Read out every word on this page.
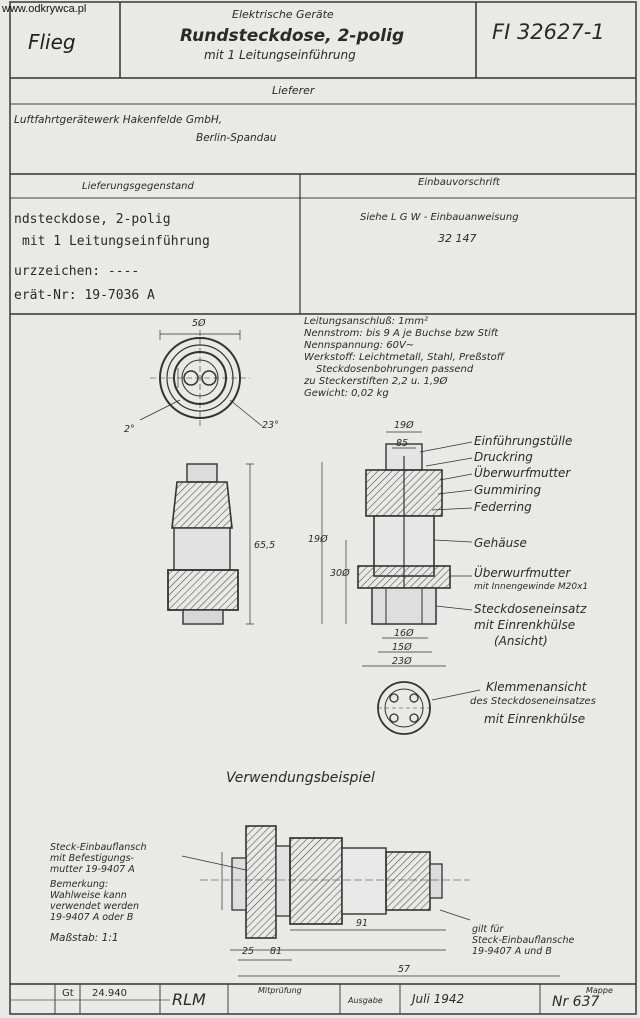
www.odkrywca.pl
Flieg
Elektrische Geräte
Rundsteckdose, 2-polig
mit 1 Leitungseinführung
FI 32627-1
Lieferer
Luftfahrtgerätewerk Hakenfelde GmbH,
Berlin-Spandau
Lieferungsgegenstand	Einbauvorschrift
ndsteckdose, 2-polig
mit 1 Leitungseinführung
urzzeichen: ----
erät-Nr: 19-7036 A
Siehe L G W - Einbauanweisung
32 147
Leitungsanschluß: 1mm²
Nennstrom: bis 9 A je Buchse bzw Stift
Nennspannung: 60V~
Werkstoff: Leichtmetall, Stahl, Preßstoff
Steckdosenbohrungen passend
zu Steckerstiften 2,2 u. 1,9Ø
Gewicht: 0,02 kg
5Ø
2°	23°	19Ø
85
65,5
16Ø
15Ø
23Ø
30Ø
19Ø
Einführungstülle
Druckring
Überwurfmutter
Gummiring
Federring
Gehäuse
Überwurfmutter
mit Innengewinde M20x1
Steckdoseneinsatz
mit Einrenkhülse
(Ansicht)
Klemmenansicht
des Steckdoseneinsatzes
mit Einrenkhülse
Verwendungsbeispiel
Steck-Einbauflansch
mit Befestigungs-
mutter 19-9407 A
Bemerkung:
Wahlweise kann
verwendet werden
19-9407 A oder B
Maßstab: 1:1
gilt für
Steck-Einbauflansche
19-9407 A und B
25 81
57
91
Gt 24.940	RLM	Mitprüfung
Ausgabe Juli 1942	Nr 637
Mappe
